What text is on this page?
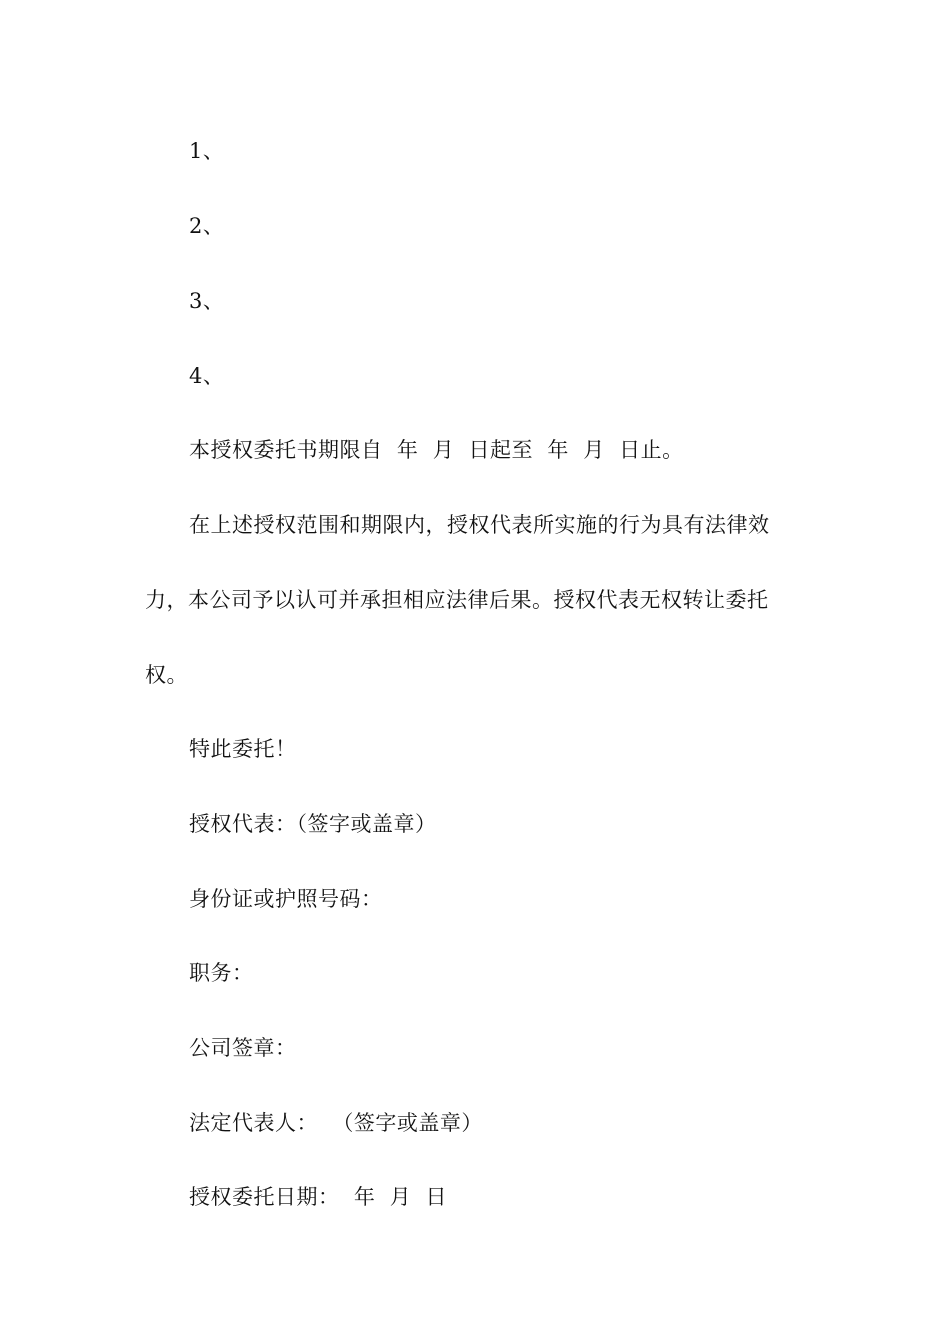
1、
2、
3、
4、
本授权委托书期限自  年  月  日起至  年  月  日止。
在上述授权范围和期限内，授权代表所实施的行为具有法律效
力，本公司予以认可并承担相应法律后果。授权代表无权转让委托
权。
特此委托！
授权代表：（签字或盖章）
身份证或护照号码：
职务：
公司签章：
法定代表人：  （签字或盖章）
授权委托日期：  年  月  日
